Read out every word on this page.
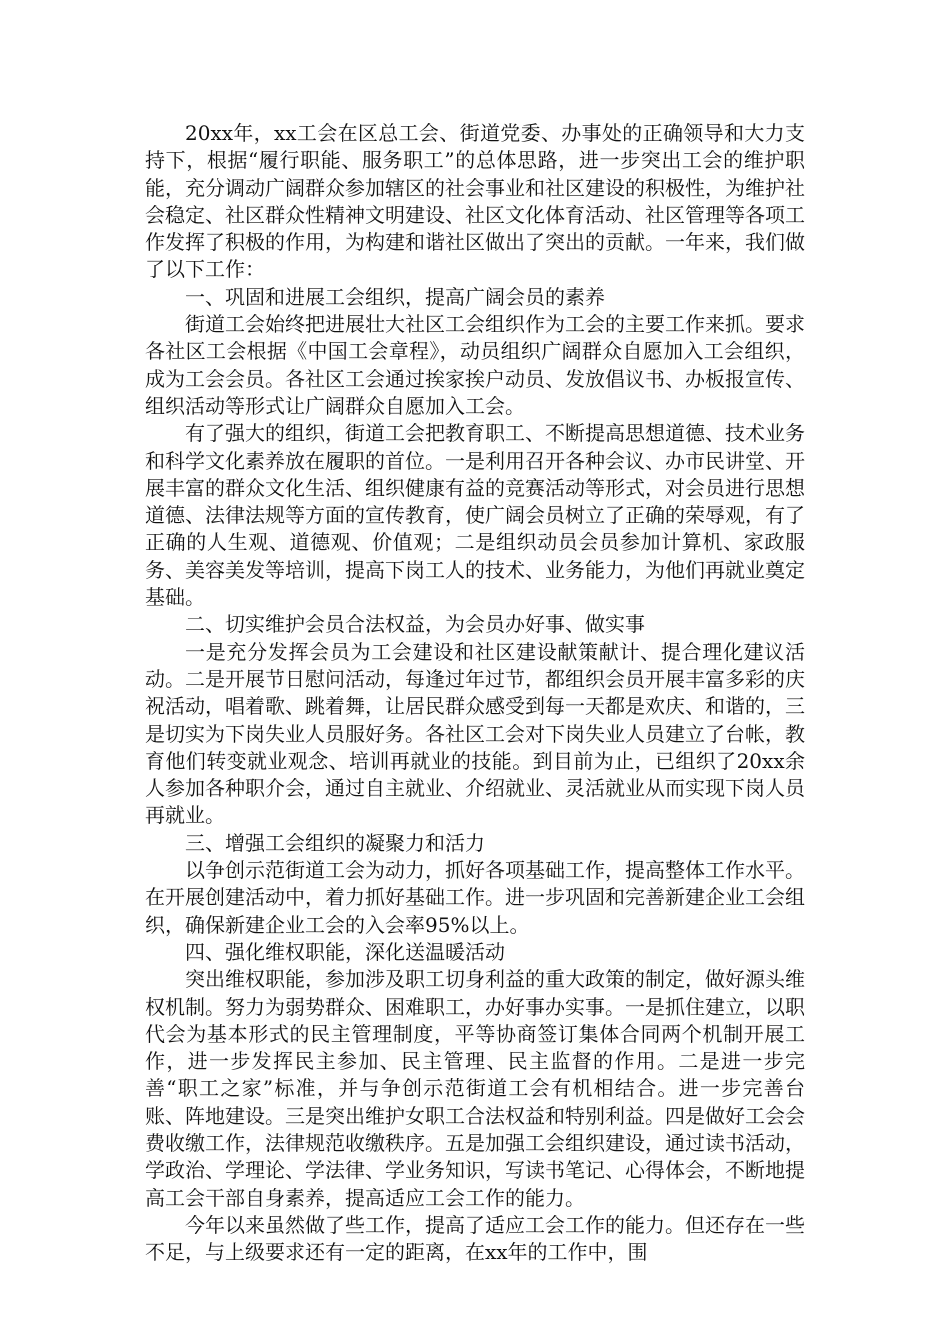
20xx年，xx工会在区总工会、街道党委、办事处的正确领导和大力支持下，根据“履行职能、服务职工”的总体思路，进一步突出工会的维护职能，充分调动广阔群众参加辖区的社会事业和社区建设的积极性，为维护社会稳定、社区群众性精神文明建设、社区文化体育活动、社区管理等各项工作发挥了积极的作用，为构建和谐社区做出了突出的贡献。一年来，我们做了以下工作：

一、巩固和进展工会组织，提高广阔会员的素养

街道工会始终把进展壮大社区工会组织作为工会的主要工作来抓。要求各社区工会根据《中国工会章程》，动员组织广阔群众自愿加入工会组织，成为工会会员。各社区工会通过挨家挨户动员、发放倡议书、办板报宣传、组织活动等形式让广阔群众自愿加入工会。

有了强大的组织，街道工会把教育职工、不断提高思想道德、技术业务和科学文化素养放在履职的首位。一是利用召开各种会议、办市民讲堂、开展丰富的群众文化生活、组织健康有益的竞赛活动等形式，对会员进行思想道德、法律法规等方面的宣传教育，使广阔会员树立了正确的荣辱观，有了正确的人生观、道德观、价值观；二是组织动员会员参加计算机、家政服务、美容美发等培训，提高下岗工人的技术、业务能力，为他们再就业奠定基础。

二、切实维护会员合法权益，为会员办好事、做实事

一是充分发挥会员为工会建设和社区建设献策献计、提合理化建议活动。二是开展节日慰问活动，每逢过年过节，都组织会员开展丰富多彩的庆祝活动，唱着歌、跳着舞，让居民群众感受到每一天都是欢庆、和谐的，三是切实为下岗失业人员服好务。各社区工会对下岗失业人员建立了台帐，教育他们转变就业观念、培训再就业的技能。到目前为止，已组织了20xx余人参加各种职介会，通过自主就业、介绍就业、灵活就业从而实现下岗人员再就业。

三、增强工会组织的凝聚力和活力

以争创示范街道工会为动力，抓好各项基础工作，提高整体工作水平。在开展创建活动中，着力抓好基础工作。进一步巩固和完善新建企业工会组织，确保新建企业工会的入会率95%以上。

四、强化维权职能，深化送温暖活动

突出维权职能，参加涉及职工切身利益的重大政策的制定，做好源头维权机制。努力为弱势群众、困难职工，办好事办实事。一是抓住建立，以职代会为基本形式的民主管理制度，平等协商签订集体合同两个机制开展工作，进一步发挥民主参加、民主管理、民主监督的作用。二是进一步完善“职工之家”标准，并与争创示范街道工会有机相结合。进一步完善台账、阵地建设。三是突出维护女职工合法权益和特别利益。四是做好工会会费收缴工作，法律规范收缴秩序。五是加强工会组织建设，通过读书活动，学政治、学理论、学法律、学业务知识，写读书笔记、心得体会，不断地提高工会干部自身素养，提高适应工会工作的能力。

今年以来虽然做了些工作，提高了适应工会工作的能力。但还存在一些不足，与上级要求还有一定的距离，在xx年的工作中，围
